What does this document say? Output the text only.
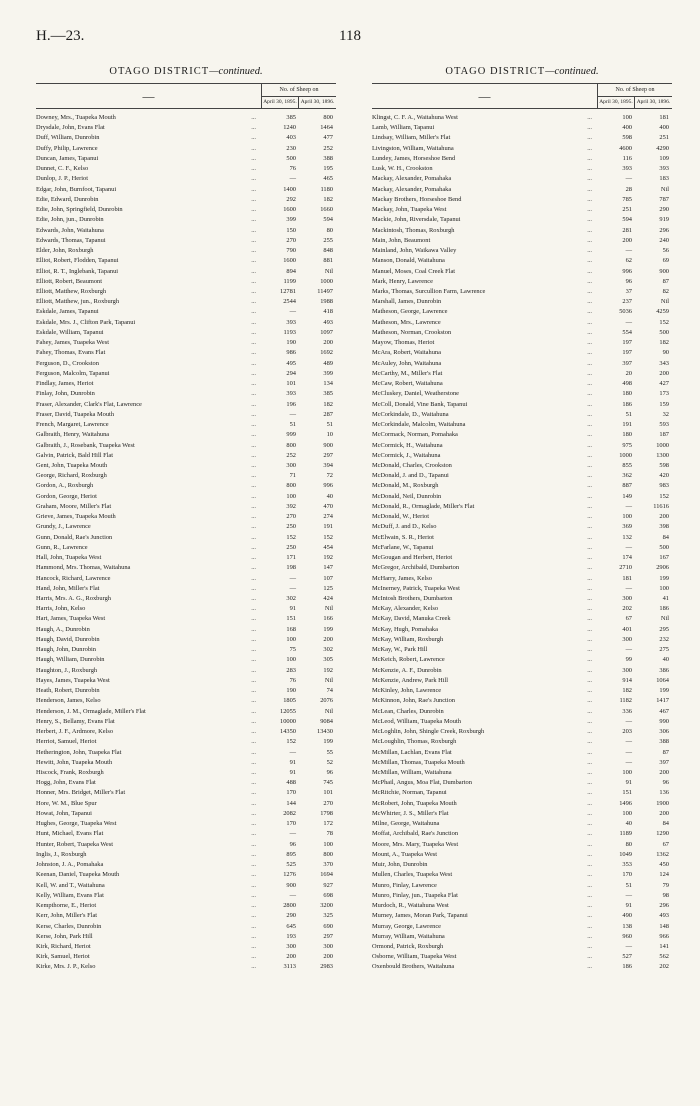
H.—23.	118
OTAGO DISTRICT—continued.
—	No. of Sheep on
April 30, 1895. April 30, 1896.
Downey, Mrs., Tuapeka Mouth ...	385	800
Drysdale, John, Evans Flat ...	1240	1464
Duff, William, Dunrobin ...	403	477
Duffy, Philip, Lawrence ...	230	252
Duncan, James, Tapanui ...	500	388
Dunnet, C. F., Kelso ...	76	195
Dunlop, J. P., Heriot ...	—	465
Edgar, John, Burnfoot, Tapanui ...	1400	1180
Edie, Edward, Dunrobin ...	292	182
Edie, John, Springfield, Dunrobin ...	1600	1660
Edie, John, jun., Dunrobin ...	399	594
Edwards, John, Waitahuna ...	150	80
Edwards, Thomas, Tapanui ...	270	255
Elder, John, Roxburgh ...	790	848
Elliot, Robert, Flodden, Tapanui ...	1600	881
Elliot, R. T., Inglebank, Tapanui ...	894	Nil
Elliott, Robert, Beaumont ...	1199	1000
Elliott, Matthew, Roxburgh ...	12781	11497
Elliott, Matthew, jun., Roxburgh ...	2544	1988
Eskdale, James, Tapanui ...	—	418
Eskdale, Mrs. J., Clifton Park, Tapanui ...	393	493
Eskdale, William, Tapanui ...	1193	1097
Fahey, James, Tuapeka West ...	190	200
Fahey, Thomas, Evans Flat ...	986	1692
Ferguson, D., Crookston ...	495	489
Ferguson, Malcolm, Tapanui ...	294	399
Findlay, James, Heriot ...	101	134
Finlay, John, Dunrobin ...	393	385
Fraser, Alexander, Clark's Flat, Lawrence ...	196	182
Fraser, David, Tuapeka Mouth ...	—	287
French, Margaret, Lawrence ...	51	51
Galbraith, Henry, Waitahuna ...	999	10
Galbraith, J., Rosebank, Tuapeka West ...	800	900
Galvin, Patrick, Bald Hill Flat ...	252	297
Gent, John, Tuapeka Mouth ...	300	394
George, Richard, Roxburgh ...	71	72
Gordon, A., Roxburgh ...	800	996
Gordon, George, Heriot ...	100	40
Graham, Moore, Miller's Flat ...	392	470
Grieve, James, Tuapeka Mouth ...	270	274
Grundy, J., Lawrence ...	250	191
Gunn, Donald, Rae's Junction ...	152	152
Gunn, R., Lawrence ...	250	454
Hall, John, Tuapeka West ...	171	192
Hammond, Mrs. Thomas, Waitahuna ...	198	147
Hancock, Richard, Lawrence ...	—	107
Hand, John, Miller's Flat ...	—	125
Harris, Mrs. A. G., Roxburgh ...	302	424
Harris, John, Kelso ...	91	Nil
Hart, James, Tuapeka West ...	151	166
Haugh, A., Dunrobin ...	168	199
Haugh, David, Dunrobin ...	100	200
Haugh, John, Dunrobin ...	75	302
Haugh, William, Dunrobin ...	100	305
Haughton, J., Roxburgh ...	283	192
Hayes, James, Tuapeka West ...	76	Nil
Heath, Robert, Dunrobin ...	190	74
Henderson, James, Kelso ...	1805	2076
Henderson, J. M., Ormaglade, Miller's Flat ...	12055	Nil
Henry, S., Bellamy, Evans Flat ...	10000	9084
Herbert, J. F., Ardmore, Kelso ...	14350	13430
Herriot, Samuel, Heriot ...	152	199
Hetherington, John, Tuapeka Flat ...	—	55
Hewitt, John, Tuapeka Mouth ...	91	52
Hiscock, Frank, Roxburgh ...	91	96
Hogg, John, Evans Flat ...	488	745
Honner, Mrs. Bridget, Miller's Flat ...	170	101
Hore, W. M., Blue Spur ...	144	270
Howat, John, Tapanui ...	2082	1798
Hughes, George, Tuapeka West ...	170	172
Hunt, Michael, Evans Flat ...	—	78
Hunter, Robert, Tuapeka West ...	96	100
Inglis, J., Roxburgh ...	895	800
Johnston, J. A., Pomahaka ...	525	370
Keenan, Daniel, Tuapeka Mouth ...	1276	1694
Kell, W. and T., Waitahuna ...	900	927
Kelly, William, Evans Flat ...	—	698
Kempthorne, E., Heriot ...	2800	3200
Kerr, John, Miller's Flat ...	290	325
Kerse, Charles, Dunrobin ...	645	690
Kerse, John, Park Hill ...	193	297
Kirk, Richard, Heriot ...	300	300
Kirk, Samuel, Heriot ...	200	200
Kirke, Mrs. J. P., Kelso ...	3113	2983
OTAGO DISTRICT—continued.
—	No. of Sheep on
April 30, 1895. April 30, 1896.
Klingst, C. F. A., Waitahuna West ...	100	181
Lamb, William, Tapanui ...	400	400
Lindsay, William, Miller's Flat ...	598	251
Livingston, William, Waitahuna ...	4600	4290
Lundey, James, Horseshoe Bend ...	116	109
Lusk, W. H., Crookston ...	393	393
Mackay, Alexander, Pomahaka ...	—	183
Mackay, Alexander, Pomahaka ...	28	Nil
Mackay Brothers, Horseshoe Bend ...	785	787
Mackay, John, Tuapeka West ...	251	290
Mackie, John, Riversdale, Tapanui ...	594	919
Mackintosh, Thomas, Roxburgh ...	281	296
Main, John, Beaumont ...	200	240
Mainland, John, Waikawa Valley ...	—	56
Manson, Donald, Waitahuna ...	62	69
Manuel, Moses, Coal Creek Flat ...	996	900
Mark, Henry, Lawrence ...	96	87
Marks, Thomas, Surcullion Farm, Lawrence ...	37	82
Marshall, James, Dunrobin ...	237	Nil
Matheson, George, Lawrence ...	5036	4259
Matheson, Mrs., Lawrence ...	—	152
Matheson, Norman, Crookston ...	554	500
Mayow, Thomas, Heriot ...	197	182
McAra, Robert, Waitahuna ...	197	90
McAuley, John, Waitahuna ...	397	343
McCarthy, M., Miller's Flat ...	20	200
McCaw, Robert, Waitahuna ...	498	427
McCluskey, Daniel, Weatherstone ...	180	173
McColl, Donald, Vine Bank, Tapanui ...	186	159
McCorkindale, D., Waitahuna ...	51	32
McCorkindale, Malcolm, Waitahuna ...	191	593
McCormack, Norman, Pomahaka ...	180	187
McCormick, H., Waitahuna ...	975	1000
McCormick, J., Waitahuna ...	1000	1300
McDonald, Charles, Crookston ...	855	598
McDonald, J. and D., Tapanui ...	362	420
McDonald, M., Roxburgh ...	887	983
McDonald, Neil, Dunrobin ...	149	152
McDonald, R., Ormaglade, Miller's Flat ...	—	11616
McDonald, W., Heriot ...	100	200
McDuff, J. and D., Kelso ...	369	398
McElwain, S. R., Heriot ...	132	84
McFarlane, W., Tapanui ...	—	500
McGougan and Herbert, Heriot ...	174	167
McGregor, Archibald, Dumbarton ...	2710	2906
McHarry, James, Kelso ...	181	199
McInerney, Patrick, Tuapeka West ...	—	100
McIntosh Brothers, Dumbarton ...	300	41
McKay, Alexander, Kelso ...	202	186
McKay, David, Manuka Creek ...	67	Nil
McKay, Hugh, Pomahaka ...	401	295
McKay, William, Roxburgh ...	300	232
McKay, W., Park Hill ...	—	275
McKeich, Robert, Lawrence ...	99	40
McKenzie, A. F., Dunrobin ...	300	386
McKenzie, Andrew, Park Hill ...	914	1064
McKinley, John, Lawrence ...	182	199
McKinnon, John, Rae's Junction ...	1182	1417
McLean, Charles, Dunrobin ...	336	467
McLeod, William, Tuapeka Mouth ...	—	990
McLoghlin, John, Shingle Creek, Roxburgh ...	203	306
McLoughlin, Thomas, Roxburgh ...	—	388
McMillan, Lachlan, Evans Flat ...	—	87
McMillan, Thomas, Tuapeka Mouth ...	—	397
McMillan, William, Waitahuna ...	100	200
McPhail, Angus, Moa Flat, Dumbarton ...	91	96
McRitchie, Norman, Tapanui ...	151	136
McRobert, John, Tuapeka Mouth ...	1496	1900
McWhirter, J. S., Miller's Flat ...	100	200
Milne, George, Waitahuna ...	40	84
Moffat, Archibald, Rae's Junction ...	1189	1290
Moore, Mrs. Mary, Tuapeka West ...	80	67
Mount, A., Tuapeka West ...	1049	1362
Muir, John, Dunrobin ...	353	450
Mullen, Charles, Tuapeka West ...	170	124
Munro, Finlay, Lawrence ...	51	79
Munro, Finlay, jun., Tuapeka Flat ...	—	98
Murdoch, R., Waitahuna West ...	91	296
Murney, James, Moran Park, Tapanui ...	490	493
Murray, George, Lawrence ...	138	148
Murray, William, Waitahuna ...	960	966
Ormond, Patrick, Roxburgh ...	—	141
Osborne, William, Tuapeka West ...	527	562
Oxenbould Brothers, Waitahuna ...	186	202
